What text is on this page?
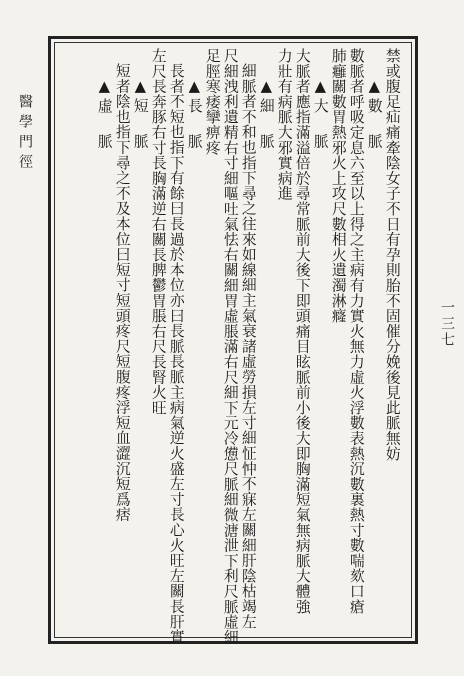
醫學門徑
一三七
禁或腹足疝痛牽陰女子不日有孕則胎不固催分娩後見此脈無妨
▲數　脈
數脈者呼吸定息六至以上得之主病有力實火無力虛火浮數表熱沉數裏熱寸數喘欬口瘡
肺癰關數胃熱邪火上攻尺數相火遺濁淋癃
▲大　脈
大脈者應指滿溢倍於尋常脈前大後下即頭痛目眩脈前小後大即胸滿短氣無病脈大體強
力壯有病脈大邪實病進
▲細　脈
細脈者不和也指下尋之往來如線細主氣衰諸虛勞損左寸細怔忡不寐左關細肝陰枯竭左
尺細洩利遺精右寸細嘔吐氣怯右關細胃虛脹滿右尺細下元冷憊尺脈細微溏泄下利尺脈虛細
足脛寒痿攣痹疼
▲長　脈
長者不短也指下有餘曰長過於本位亦曰長脈長脈主病氣逆火盛左寸長心火旺左關長肝實
左尺長奔豚右寸長胸滿逆右關長脾鬱胃脹右尺長腎火旺
▲短　脈
短者陰也指下尋之不及本位曰短寸短頭疼尺短腹疼浮短血澀沉短爲痞
▲虛　脈
